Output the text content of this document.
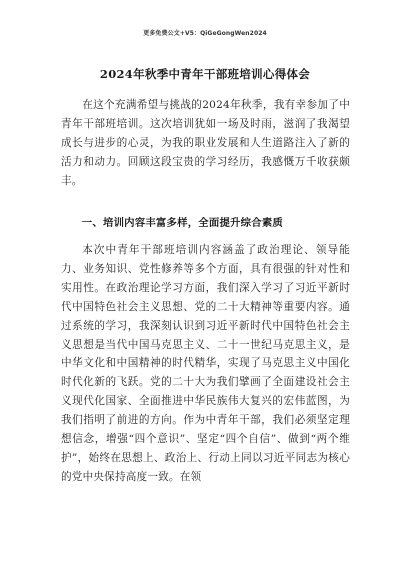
更多免费公文+V5：QiGeGongWen2024
2024年秋季中青年干部班培训心得体会

在这个充满希望与挑战的2024年秋季，我有幸参加了中青年干部班培训。这次培训犹如一场及时雨，滋润了我渴望成长与进步的心灵，为我的职业发展和人生道路注入了新的活力和动力。回顾这段宝贵的学习经历，我感慨万千收获颇丰。

一、培训内容丰富多样，全面提升综合素质

本次中青年干部班培训内容涵盖了政治理论、领导能力、业务知识、党性修养等多个方面，具有很强的针对性和实用性。在政治理论学习方面，我们深入学习了习近平新时代中国特色社会主义思想、党的二十大精神等重要内容。通过系统的学习，我深刻认识到习近平新时代中国特色社会主义思想是当代中国马克思主义、二十一世纪马克思主义，是中华文化和中国精神的时代精华，实现了马克思主义中国化时代化新的飞跃。党的二十大为我们擘画了全面建设社会主义现代化国家、全面推进中华民族伟大复兴的宏伟蓝图，为我们指明了前进的方向。作为中青年干部，我们必须坚定理想信念，增强“四个意识”、坚定“四个自信”、做到“两个维护”，始终在思想上、政治上、行动上同以习近平同志为核心的党中央保持高度一致。在领
